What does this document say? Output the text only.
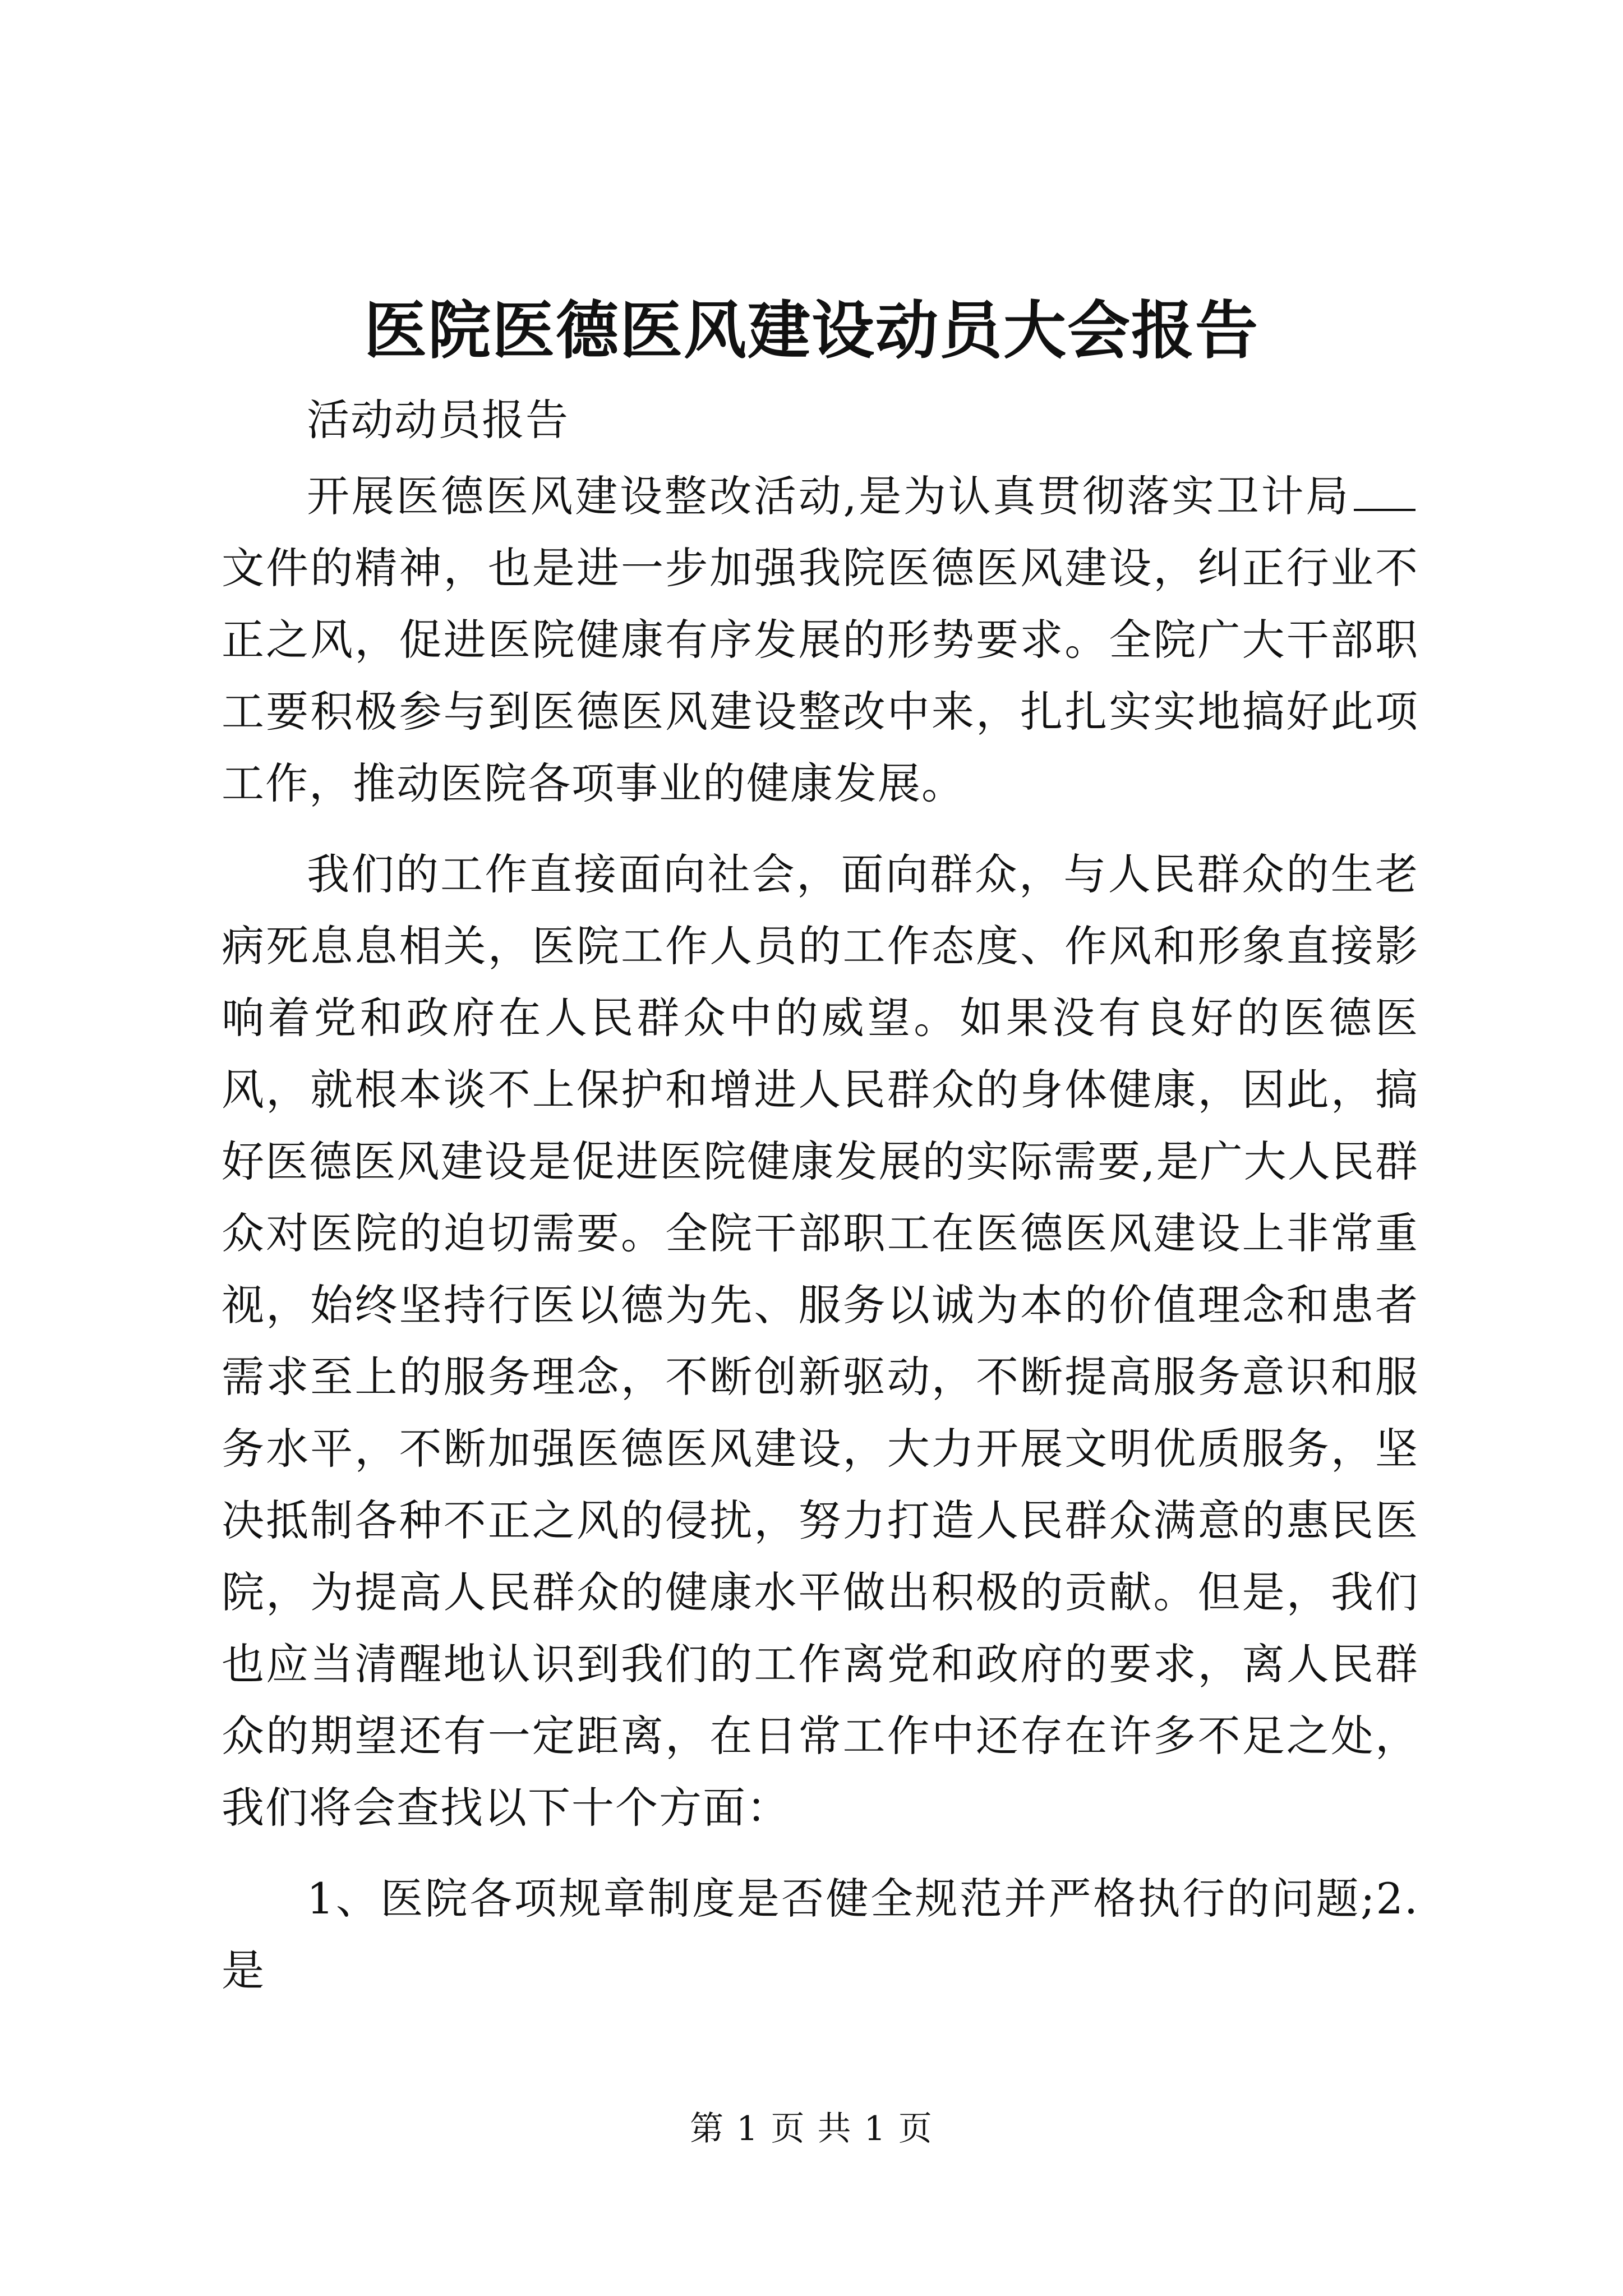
医院医德医风建设动员大会报告

活动动员报告

开展医德医风建设整改活动,是为认真贯彻落实卫计局文件的精神，也是进一步加强我院医德医风建设，纠正行业不正之风，促进医院健康有序发展的形势要求。全院广大干部职工要积极参与到医德医风建设整改中来，扎扎实实地搞好此项工作，推动医院各项事业的健康发展。

我们的工作直接面向社会，面向群众，与人民群众的生老病死息息相关，医院工作人员的工作态度、作风和形象直接影响着党和政府在人民群众中的威望。如果没有良好的医德医风，就根本谈不上保护和增进人民群众的身体健康，因此，搞好医德医风建设是促进医院健康发展的实际需要,是广大人民群众对医院的迫切需要。全院干部职工在医德医风建设上非常重视，始终坚持行医以德为先、服务以诚为本的价值理念和患者需求至上的服务理念，不断创新驱动，不断提高服务意识和服务水平，不断加强医德医风建设，大力开展文明优质服务，坚决抵制各种不正之风的侵扰，努力打造人民群众满意的惠民医院，为提高人民群众的健康水平做出积极的贡献。但是，我们也应当清醒地认识到我们的工作离党和政府的要求，离人民群众的期望还有一定距离，在日常工作中还存在许多不足之处，我们将会查找以下十个方面：

1、医院各项规章制度是否健全规范并严格执行的问题;2.是

第 1 页 共 1 页
